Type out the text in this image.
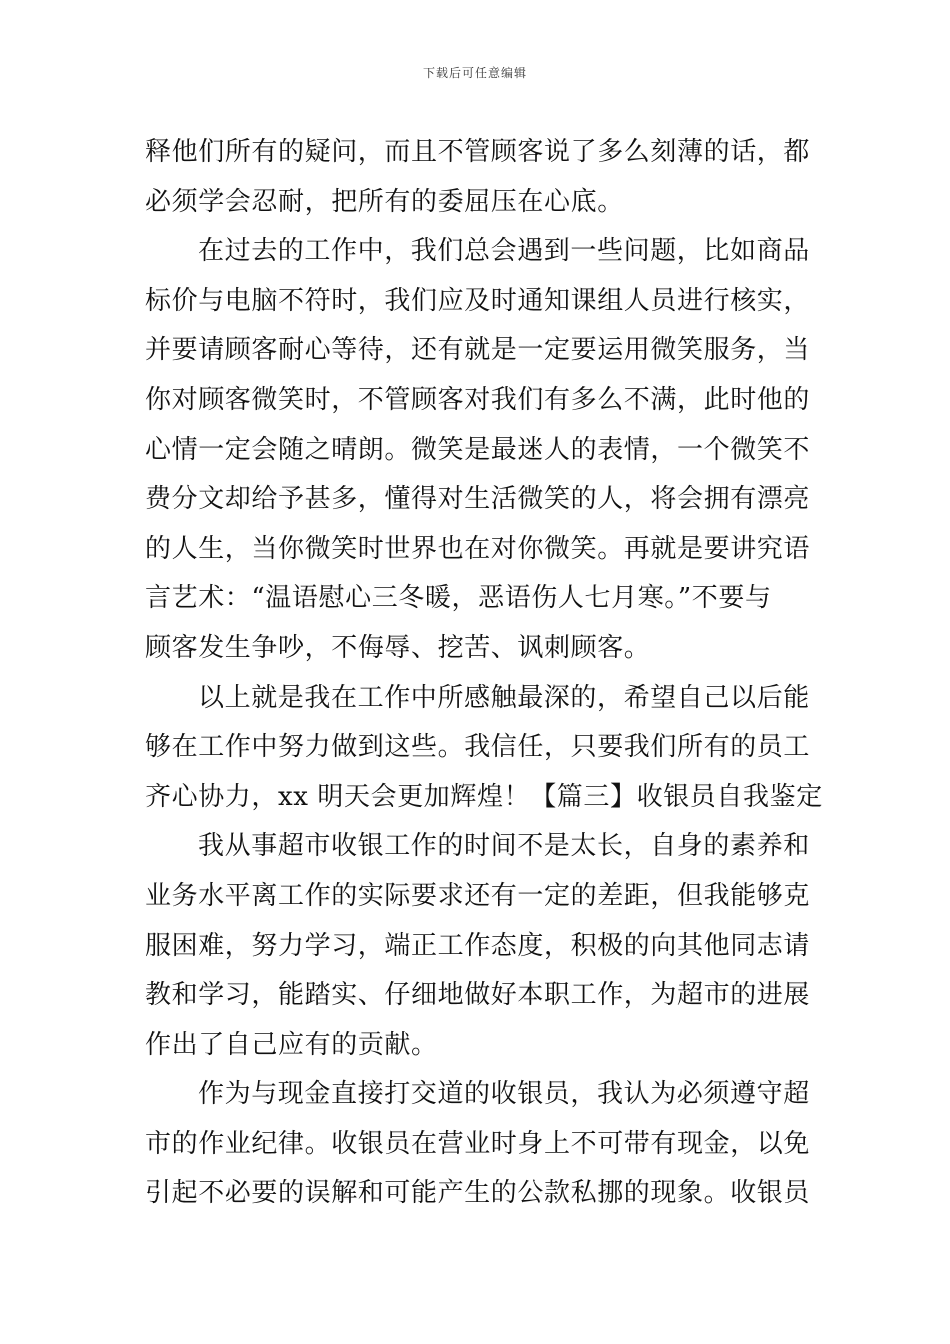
下载后可任意编辑
释他们所有的疑问，而且不管顾客说了多么刻薄的话，都
必须学会忍耐，把所有的委屈压在心底。
在过去的工作中，我们总会遇到一些问题，比如商品
标价与电脑不符时，我们应及时通知课组人员进行核实，
并要请顾客耐心等待，还有就是一定要运用微笑服务，当
你对顾客微笑时，不管顾客对我们有多么不满，此时他的
心情一定会随之晴朗。微笑是最迷人的表情，一个微笑不
费分文却给予甚多，懂得对生活微笑的人，将会拥有漂亮
的人生，当你微笑时世界也在对你微笑。再就是要讲究语
言艺术：“温语慰心三冬暖，恶语伤人七月寒。”不要与
顾客发生争吵，不侮辱、挖苦、讽刺顾客。
以上就是我在工作中所感触最深的，希望自己以后能
够在工作中努力做到这些。我信任，只要我们所有的员工
齐心协力，xx 明天会更加辉煌！【篇三】收银员自我鉴定
我从事超市收银工作的时间不是太长，自身的素养和
业务水平离工作的实际要求还有一定的差距，但我能够克
服困难，努力学习，端正工作态度，积极的向其他同志请
教和学习，能踏实、仔细地做好本职工作，为超市的进展
作出了自己应有的贡献。
作为与现金直接打交道的收银员，我认为必须遵守超
市的作业纪律。收银员在营业时身上不可带有现金，以免
引起不必要的误解和可能产生的公款私挪的现象。收银员
